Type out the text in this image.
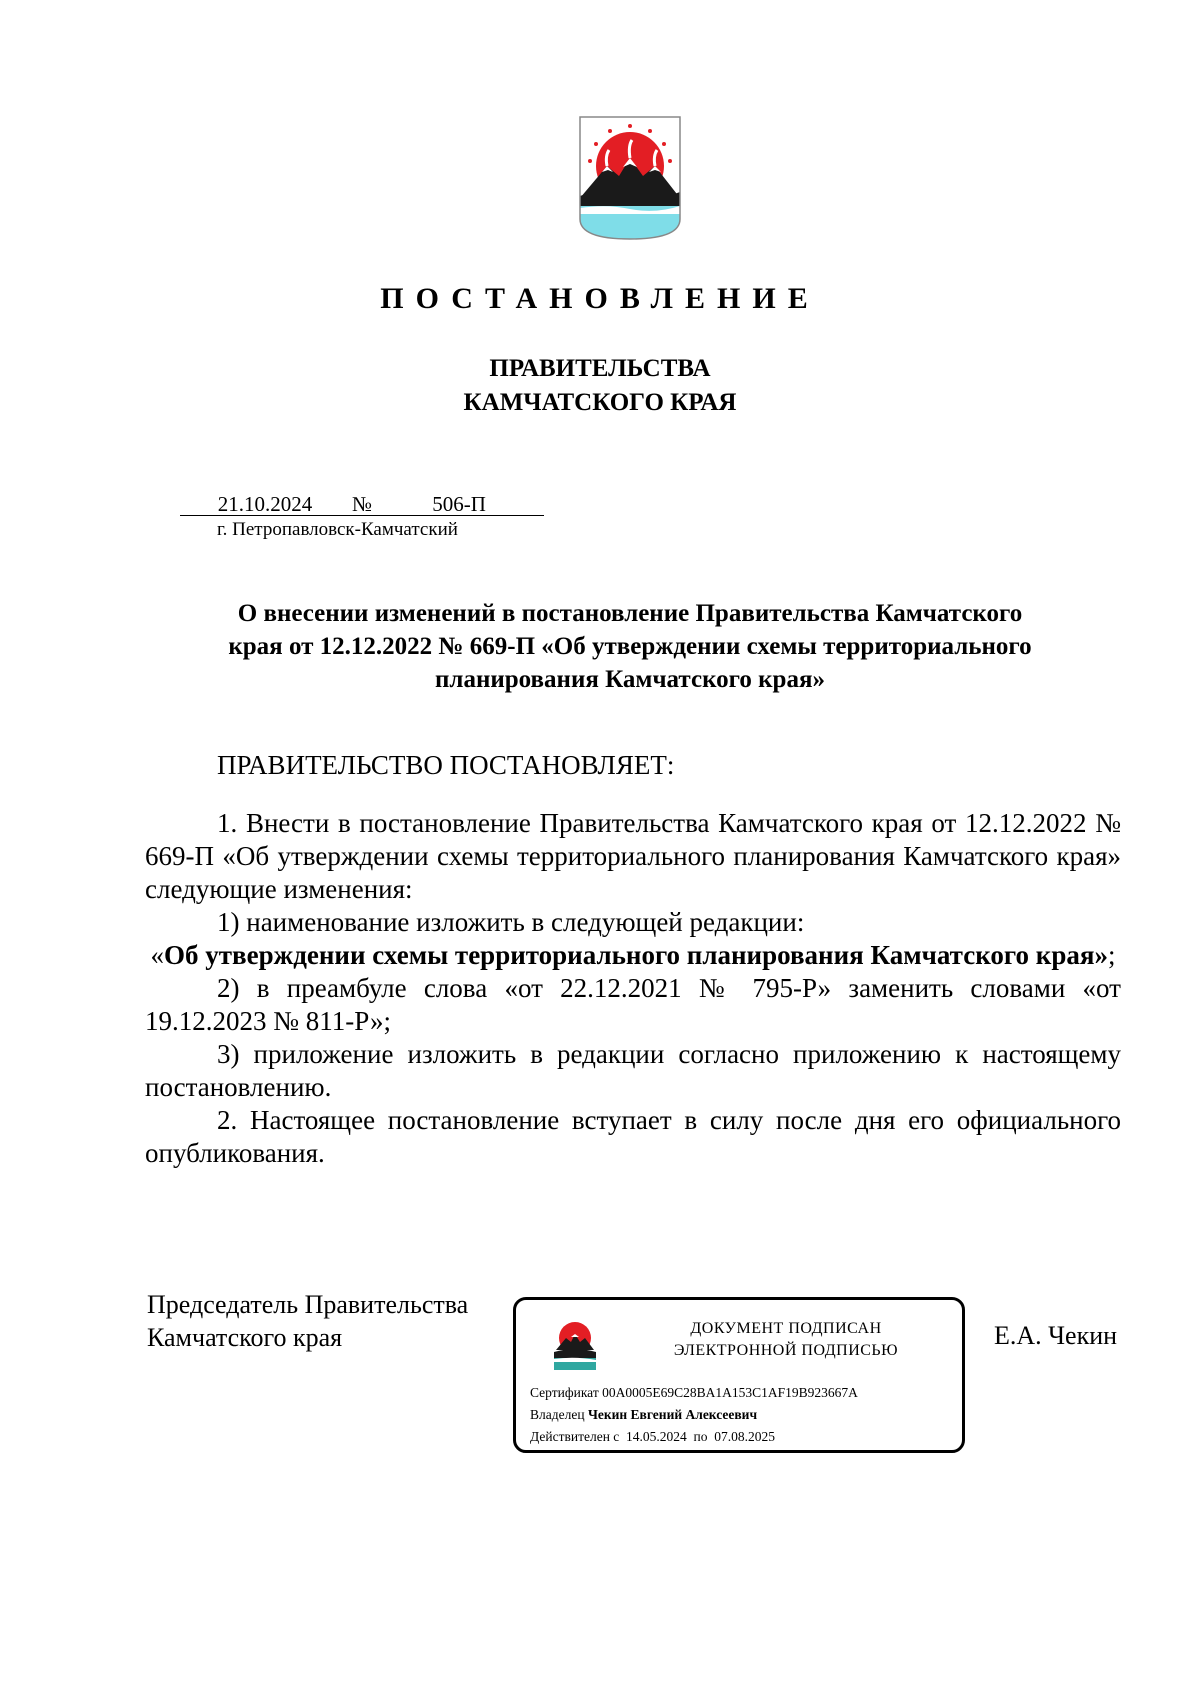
ПОСТАНОВЛЕНИЕ
ПРАВИТЕЛЬСТВА
КАМЧАТСКОГО КРАЯ
21.10.2024 №	506-П
г. Петропавловск-Камчатский
О внесении изменений в постановление Правительства Камчатского
края от 12.12.2022 № 669-П «Об утверждении схемы территориального
планирования Камчатского края»
ПРАВИТЕЛЬСТВО ПОСТАНОВЛЯЕТ:

1. Внести в постановление Правительства Камчатского края от 12.12.2022 № 669-П «Об утверждении схемы территориального планирования Камчатского края» следующие изменения:

1) наименование изложить в следующей редакции:

«Об утверждении схемы территориального планирования Камчатского края»;

2) в преамбуле слова «от 22.12.2021 № 795-Р» заменить словами «от 19.12.2023 № 811-Р»;

3) приложение изложить в редакции согласно приложению к настоящему постановлению.

2. Настоящее постановление вступает в силу после дня его официального опубликования.

Председатель Правительства
Камчатского края	ДОКУМЕНТ ПОДПИСАН
ЭЛЕКТРОННОЙ ПОДПИСЬЮ
Сертификат 00A0005E69C28BA1A153C1AF19B923667A
Владелец Чекин Евгений Алексеевич
Действителен с 14.05.2024 по 07.08.2025
Е.А. Чекин
